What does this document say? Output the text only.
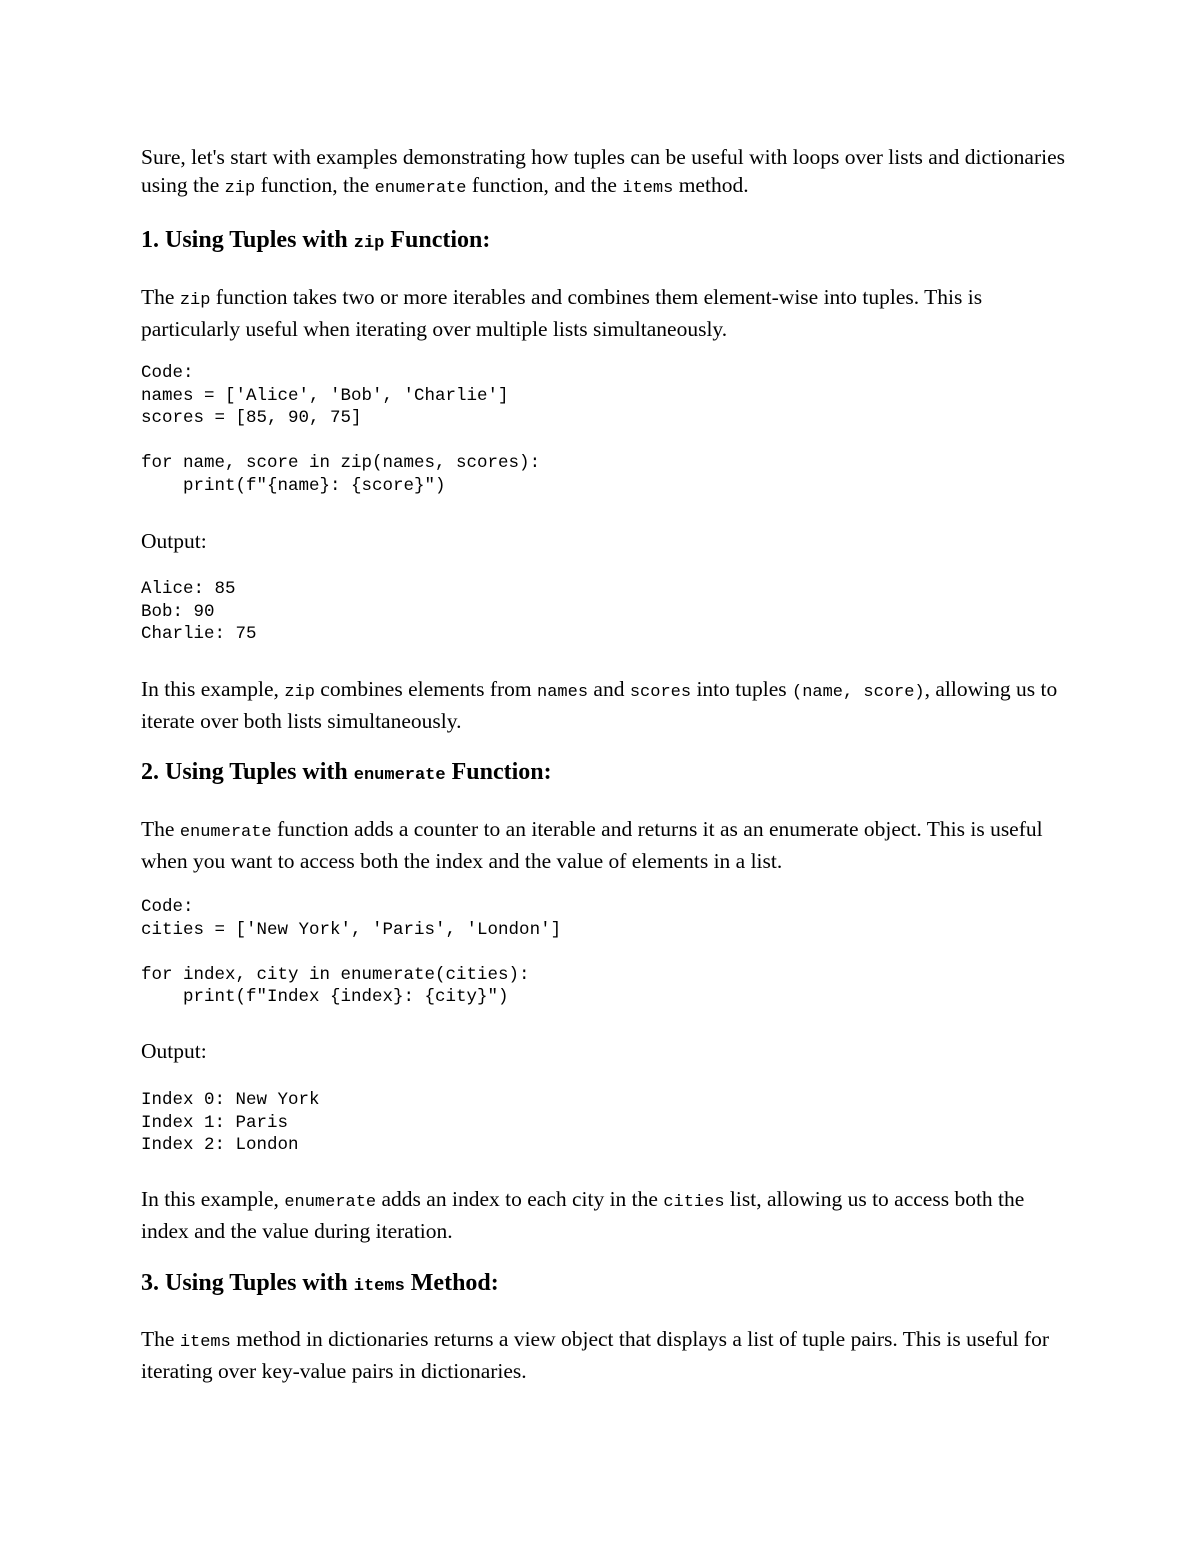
Sure, let's start with examples demonstrating how tuples can be useful with loops over lists and dictionaries using the zip function, the enumerate function, and the items method.

1. Using Tuples with zip Function:

The zip function takes two or more iterables and combines them element-wise into tuples. This is particularly useful when iterating over multiple lists simultaneously.

Code:
names = ['Alice', 'Bob', 'Charlie']
scores = [85, 90, 75]
for name, score in zip(names, scores):
print(f"{name}: {score}")

Output:

Alice: 85
Bob: 90
Charlie: 75

In this example, zip combines elements from names and scores into tuples (name, score), allowing us to iterate over both lists simultaneously.

2. Using Tuples with enumerate Function:

The enumerate function adds a counter to an iterable and returns it as an enumerate object. This is useful when you want to access both the index and the value of elements in a list.

Code:
cities = ['New York', 'Paris', 'London']
for index, city in enumerate(cities):
print(f"Index {index}: {city}")

Output:

Index 0: New York
Index 1: Paris
Index 2: London

In this example, enumerate adds an index to each city in the cities list, allowing us to access both the index and the value during iteration.

3. Using Tuples with items Method:

The items method in dictionaries returns a view object that displays a list of tuple pairs. This is useful for iterating over key-value pairs in dictionaries.
